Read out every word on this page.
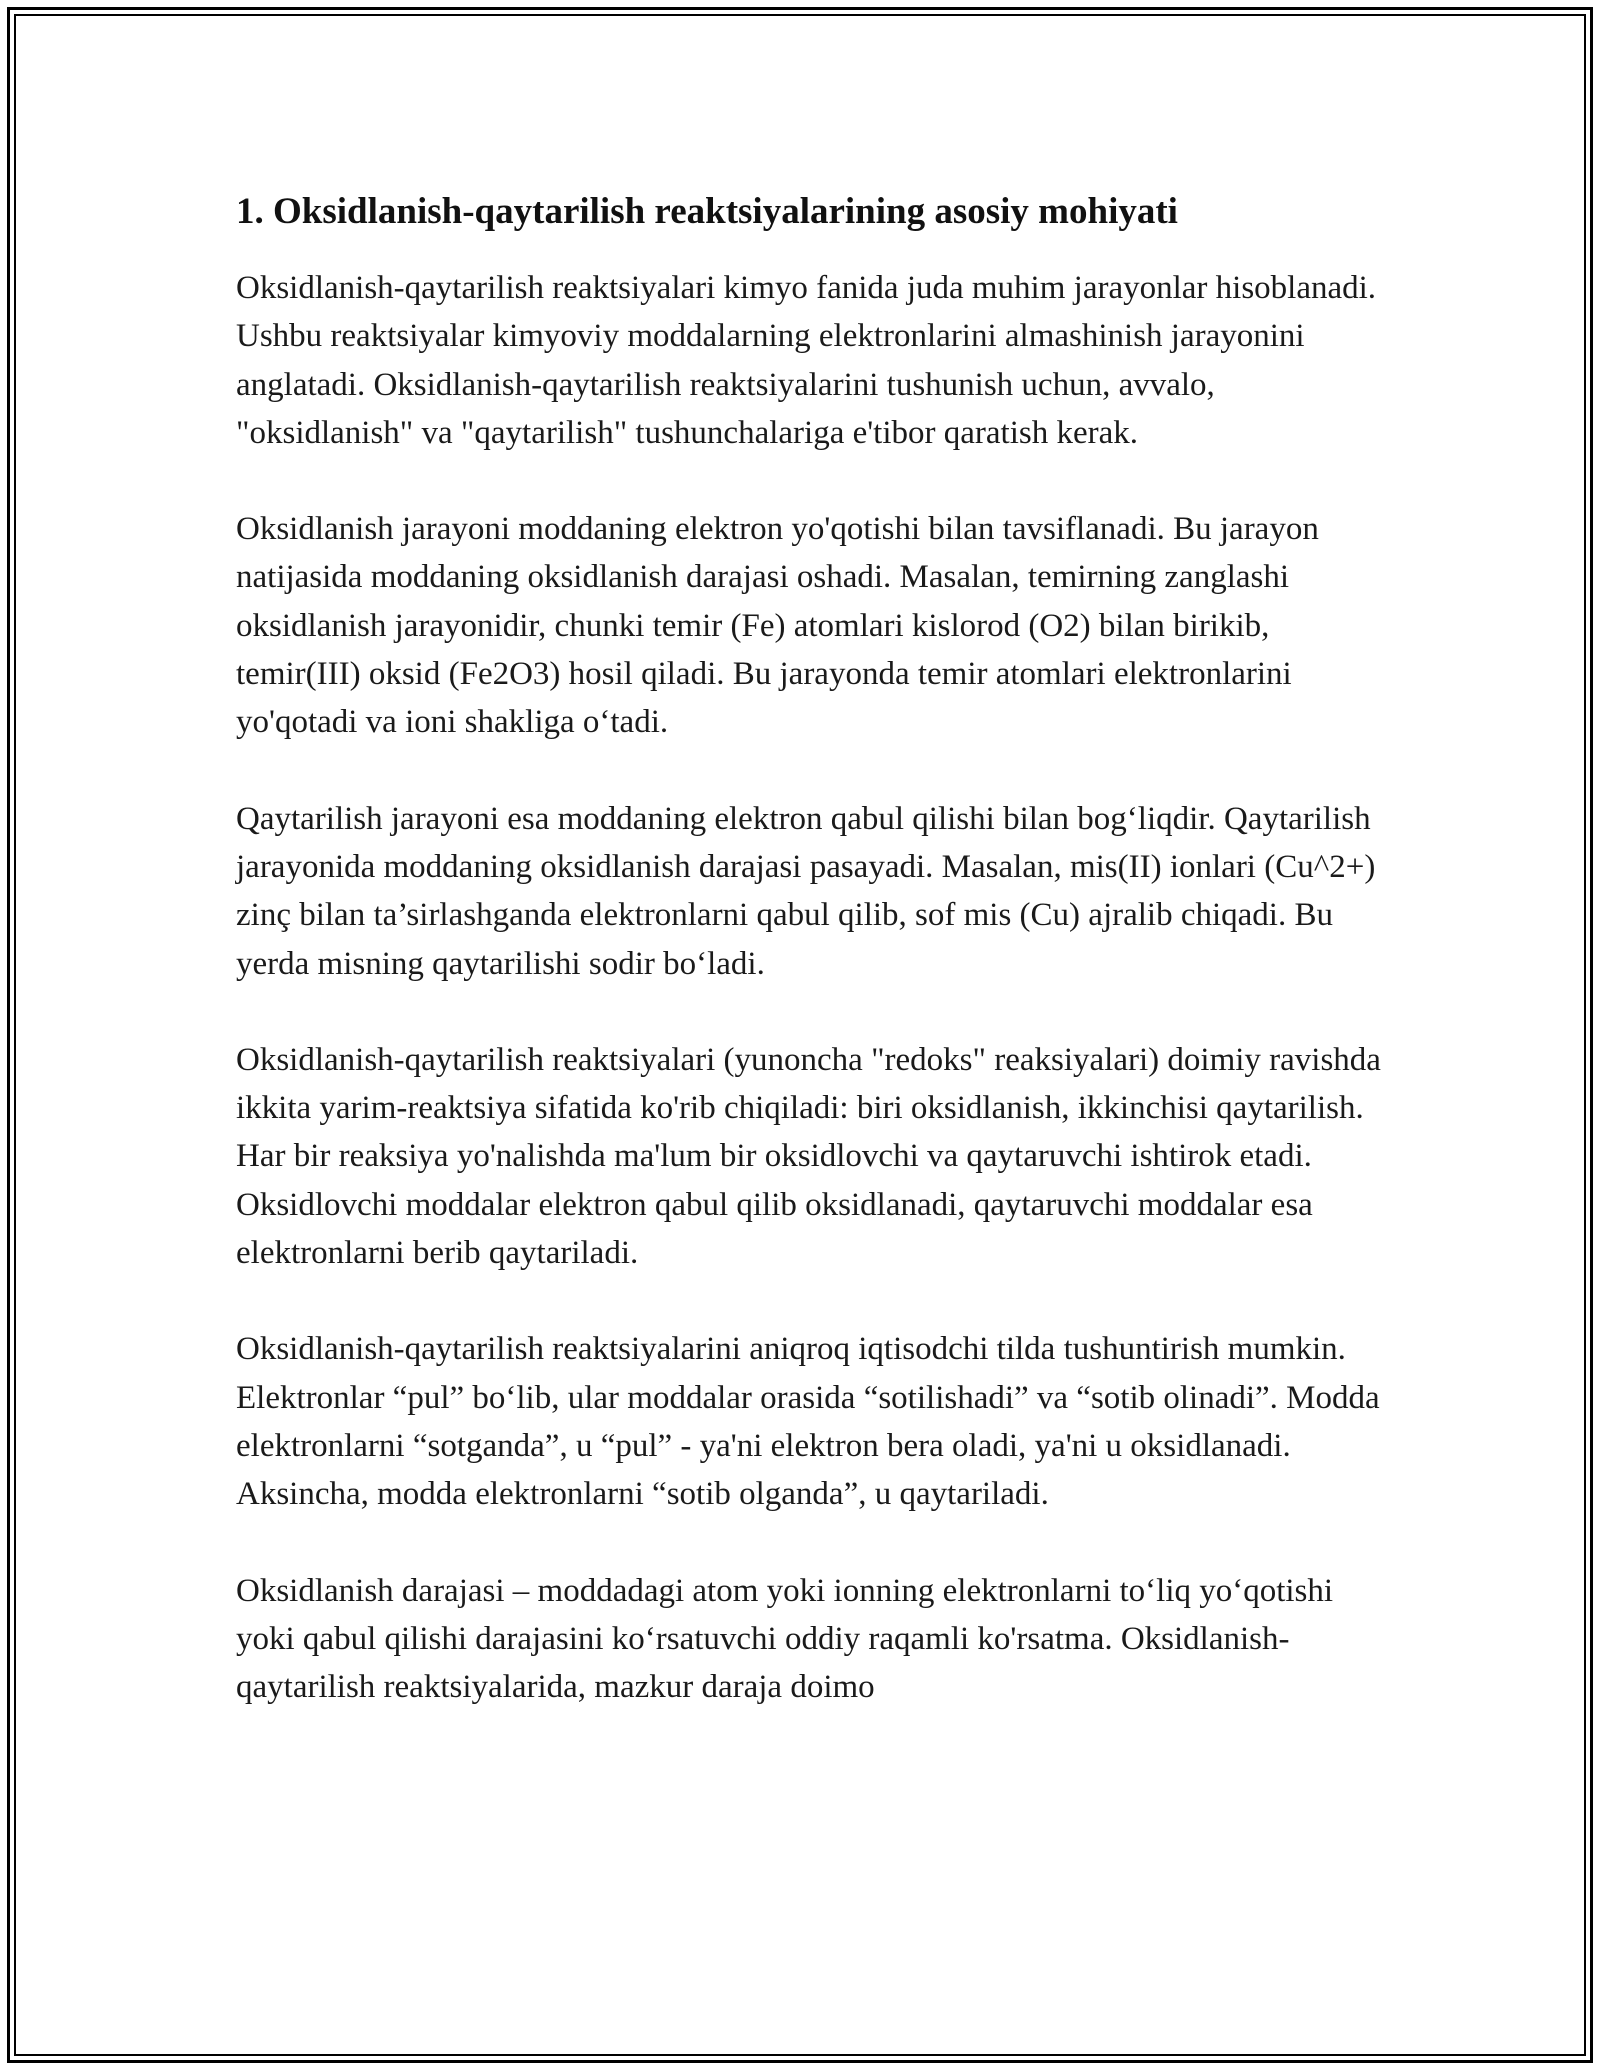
1. Oksidlanish-qaytarilish reaktsiyalarining asosiy mohiyati

Oksidlanish-qaytarilish reaktsiyalari kimyo fanida juda muhim jarayonlar hisoblanadi. Ushbu reaktsiyalar kimyoviy moddalarning elektronlarini almashinish jarayonini anglatadi. Oksidlanish-qaytarilish reaktsiyalarini tushunish uchun, avvalo, "oksidlanish" va "qaytarilish" tushunchalariga e'tibor qaratish kerak.

Oksidlanish jarayoni moddaning elektron yo'qotishi bilan tavsiflanadi. Bu jarayon natijasida moddaning oksidlanish darajasi oshadi. Masalan, temirning zanglashi oksidlanish jarayonidir, chunki temir (Fe) atomlari kislorod (O2) bilan birikib, temir(III) oksid (Fe2O3) hosil qiladi. Bu jarayonda temir atomlari elektronlarini yo'qotadi va ioni shakliga o‘tadi.

Qaytarilish jarayoni esa moddaning elektron qabul qilishi bilan bog‘liqdir. Qaytarilish jarayonida moddaning oksidlanish darajasi pasayadi. Masalan, mis(II) ionlari (Cu^2+) zinç bilan ta’sirlashganda elektronlarni qabul qilib, sof mis (Cu) ajralib chiqadi. Bu yerda misning qaytarilishi sodir bo‘ladi.

Oksidlanish-qaytarilish reaktsiyalari (yunoncha "redoks" reaksiyalari) doimiy ravishda ikkita yarim-reaktsiya sifatida ko'rib chiqiladi: biri oksidlanish, ikkinchisi qaytarilish. Har bir reaksiya yo'nalishda ma'lum bir oksidlovchi va qaytaruvchi ishtirok etadi. Oksidlovchi moddalar elektron qabul qilib oksidlanadi, qaytaruvchi moddalar esa elektronlarni berib qaytariladi.

Oksidlanish-qaytarilish reaktsiyalarini aniqroq iqtisodchi tilda tushuntirish mumkin. Elektronlar “pul” bo‘lib, ular moddalar orasida “sotilishadi” va “sotib olinadi”. Modda elektronlarni “sotganda”, u “pul” - ya'ni elektron bera oladi, ya'ni u oksidlanadi. Aksincha, modda elektronlarni “sotib olganda”, u qaytariladi.

Oksidlanish darajasi – moddadagi atom yoki ionning elektronlarni to‘liq yo‘qotishi yoki qabul qilishi darajasini ko‘rsatuvchi oddiy raqamli ko'rsatma. Oksidlanish-qaytarilish reaktsiyalarida, mazkur daraja doimo
